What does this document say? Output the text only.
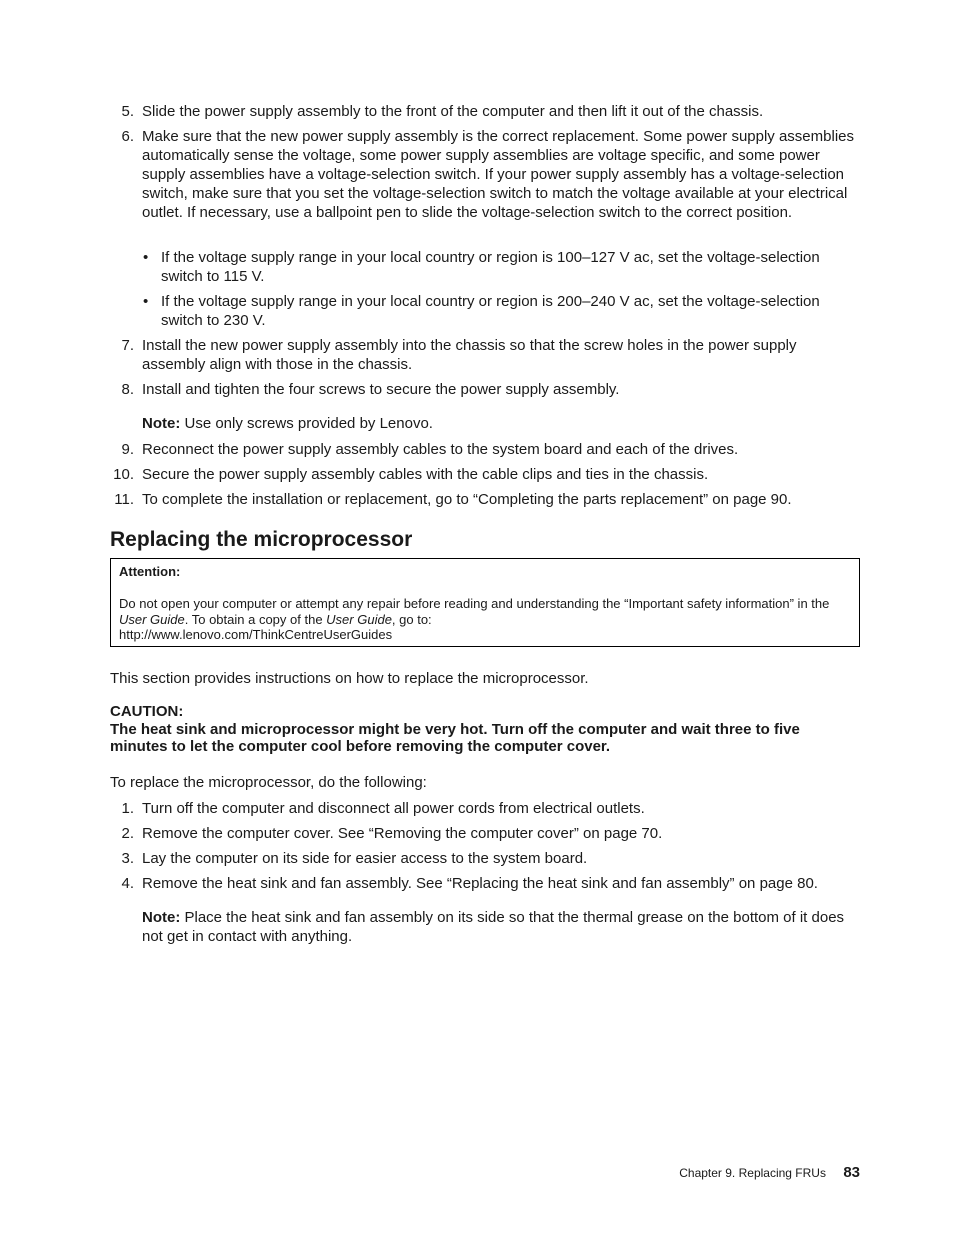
5. Slide the power supply assembly to the front of the computer and then lift it out of the chassis.
6. Make sure that the new power supply assembly is the correct replacement. Some power supply assemblies automatically sense the voltage, some power supply assemblies are voltage specific, and some power supply assemblies have a voltage-selection switch. If your power supply assembly has a voltage-selection switch, make sure that you set the voltage-selection switch to match the voltage available at your electrical outlet. If necessary, use a ballpoint pen to slide the voltage-selection switch to the correct position.
• If the voltage supply range in your local country or region is 100–127 V ac, set the voltage-selection switch to 115 V.
• If the voltage supply range in your local country or region is 200–240 V ac, set the voltage-selection switch to 230 V.
7. Install the new power supply assembly into the chassis so that the screw holes in the power supply assembly align with those in the chassis.
8. Install and tighten the four screws to secure the power supply assembly.
Note: Use only screws provided by Lenovo.
9. Reconnect the power supply assembly cables to the system board and each of the drives.
10. Secure the power supply assembly cables with the cable clips and ties in the chassis.
11. To complete the installation or replacement, go to “Completing the parts replacement” on page 90.
Replacing the microprocessor
Attention:
Do not open your computer or attempt any repair before reading and understanding the “Important safety information” in the User Guide. To obtain a copy of the User Guide, go to:
http://www.lenovo.com/ThinkCentreUserGuides
This section provides instructions on how to replace the microprocessor.
CAUTION:
The heat sink and microprocessor might be very hot. Turn off the computer and wait three to five minutes to let the computer cool before removing the computer cover.
To replace the microprocessor, do the following:
1. Turn off the computer and disconnect all power cords from electrical outlets.
2. Remove the computer cover. See “Removing the computer cover” on page 70.
3. Lay the computer on its side for easier access to the system board.
4. Remove the heat sink and fan assembly. See “Replacing the heat sink and fan assembly” on page 80.
Note: Place the heat sink and fan assembly on its side so that the thermal grease on the bottom of it does not get in contact with anything.
Chapter 9. Replacing FRUs 83
